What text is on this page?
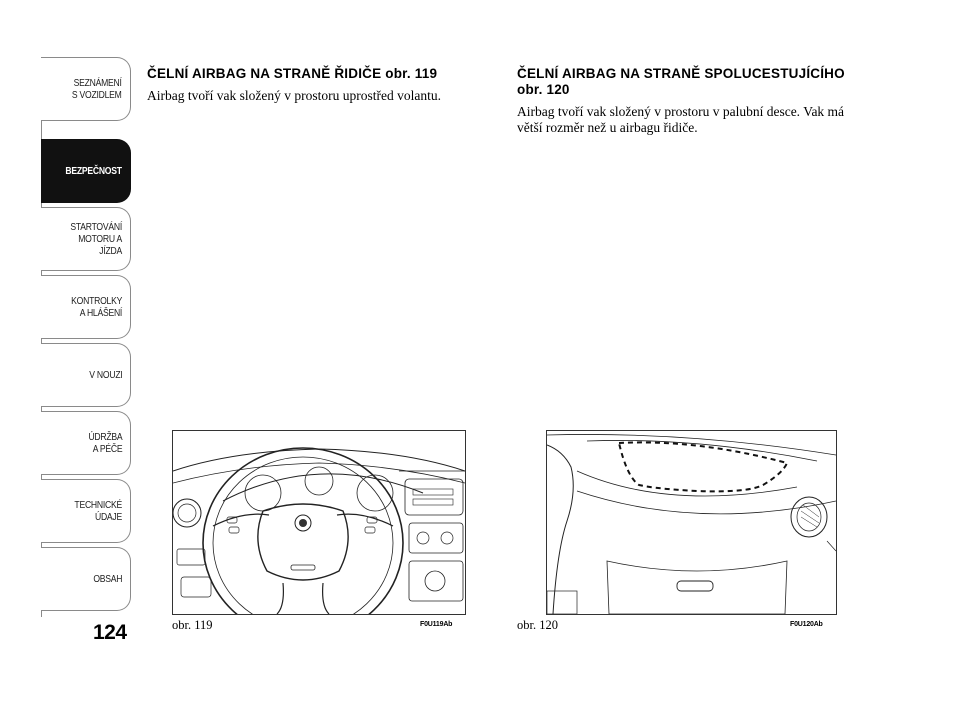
SEZNÁMENÍ
S VOZIDLEM
BEZPEČNOST
STARTOVÁNÍ
MOTORU A JÍZDA
KONTROLKY
A HLÁŠENÍ
V NOUZI
ÚDRŽBA
A PÉČE
TECHNICKÉ
ÚDAJE
OBSAH
124
ČELNÍ AIRBAG NA STRANĚ ŘIDIČE obr. 119

Airbag tvoří vak složený v prostoru uprostřed volantu.

ČELNÍ AIRBAG NA STRANĚ SPOLUCESTUJÍCÍHO obr. 120

Airbag tvoří vak složený v prostoru v palubní desce. Vak má větší rozměr než u airbagu řidiče.

obr. 119	F0U119Ab	obr. 120	F0U120Ab
